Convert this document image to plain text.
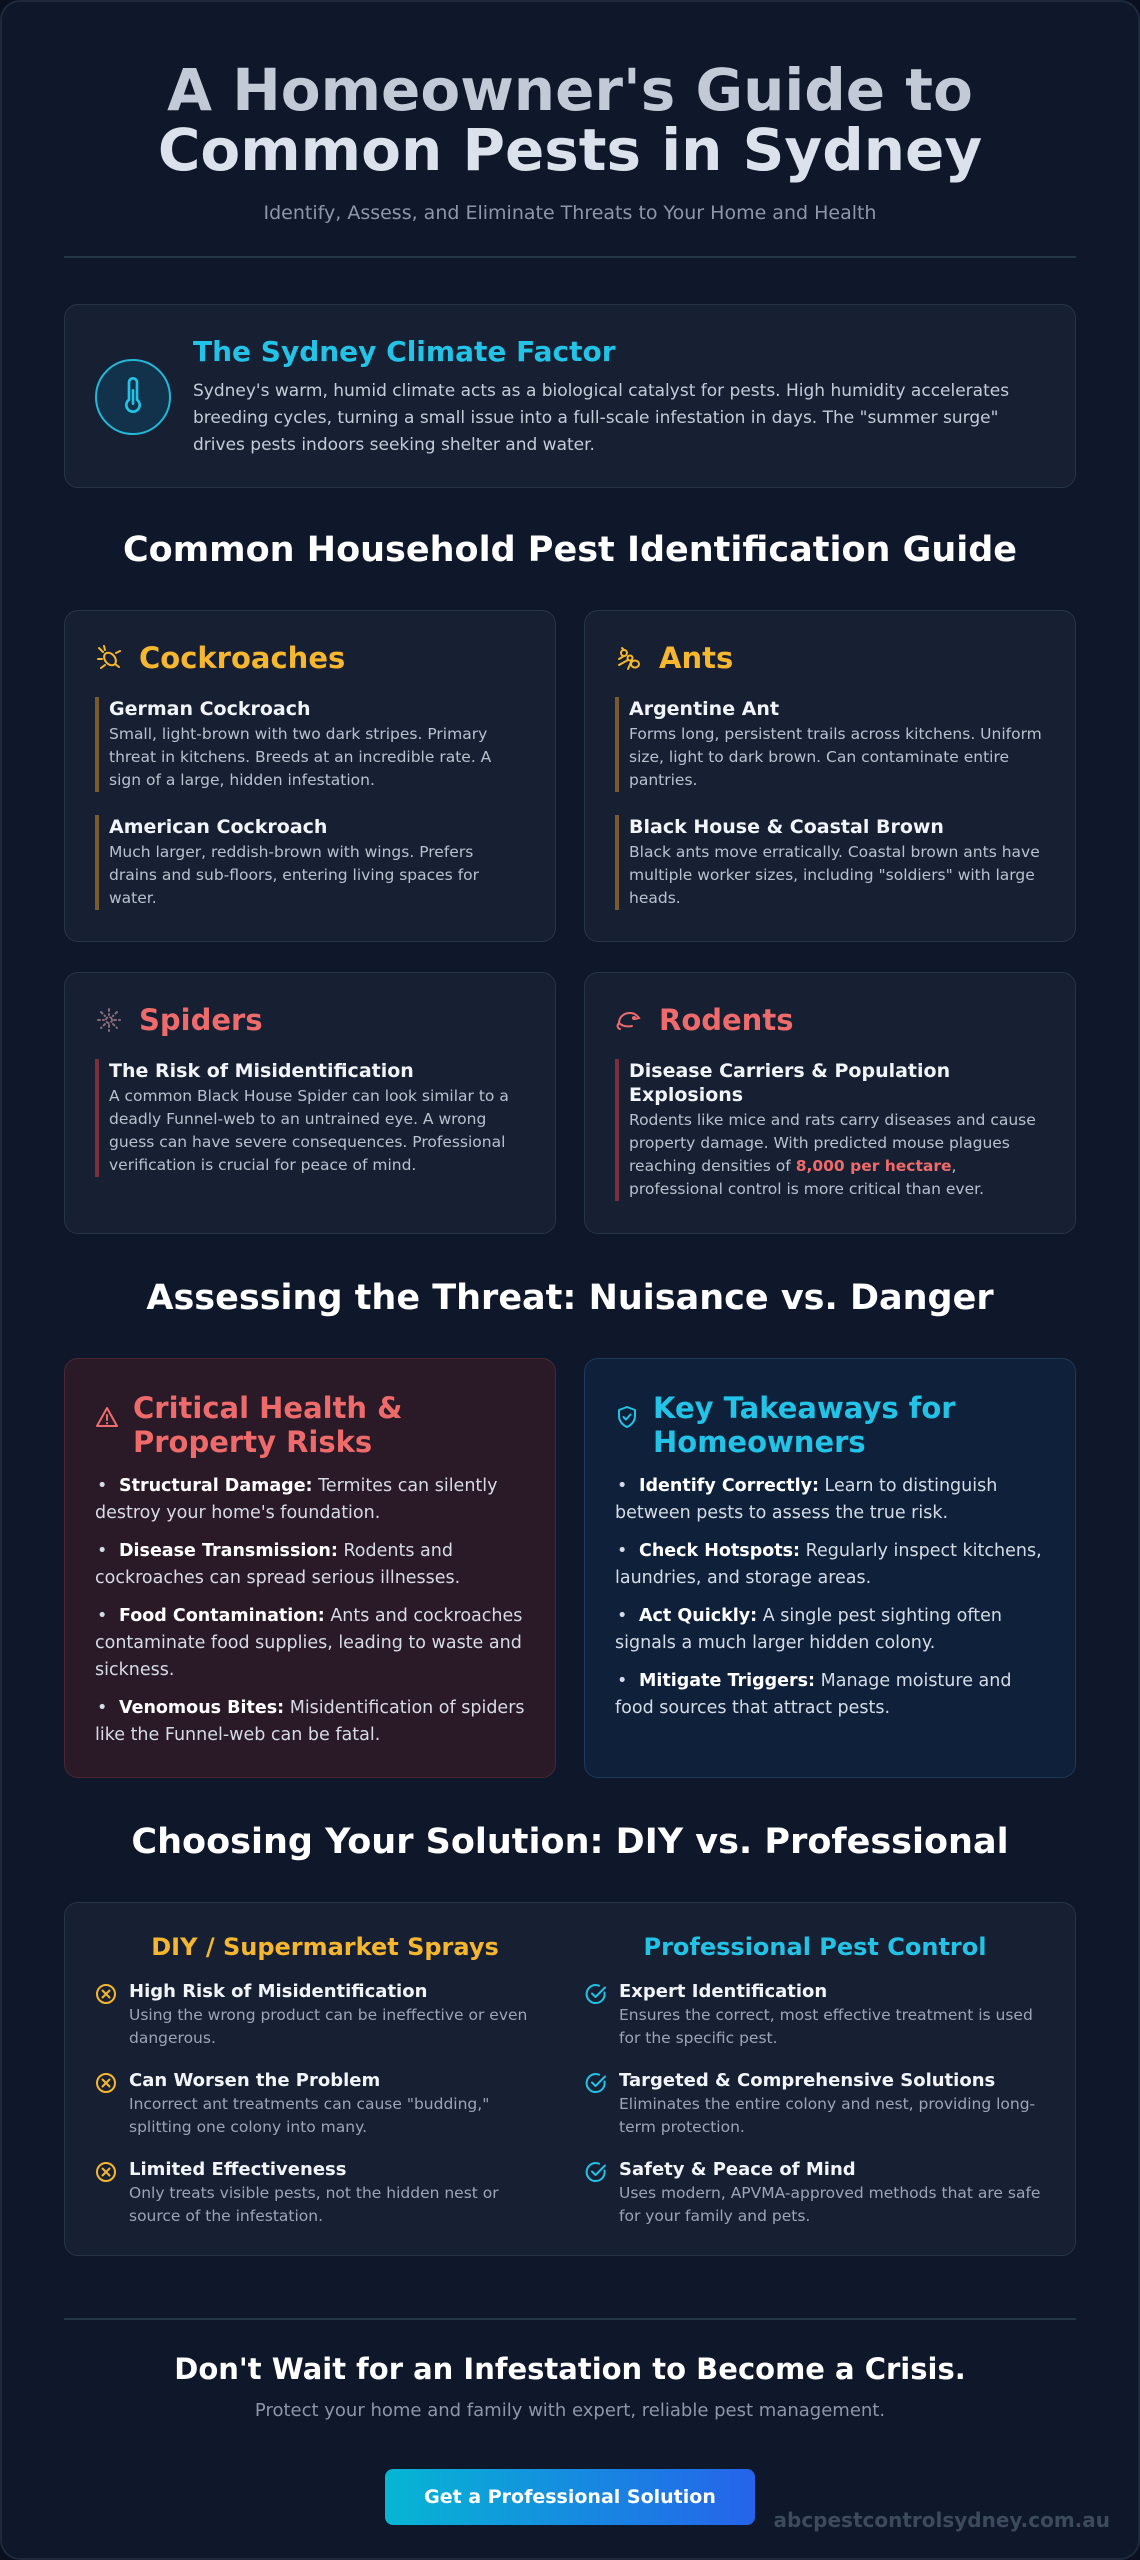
A Homeowner's Guide to
Common Pests in Sydney
Identify, Assess, and Eliminate Threats to Your Home and Health
The Sydney Climate Factor

Sydney's warm, humid climate acts as a biological catalyst for pests. High humidity accelerates breeding cycles, turning a small issue into a full-scale infestation in days. The "summer surge" drives pests indoors seeking shelter and water.

Common Household Pest Identification Guide
Cockroaches
German Cockroach

Small, light-brown with two dark stripes. Primary threat in kitchens. Breeds at an incredible rate. A sign of a large, hidden infestation.

American Cockroach

Much larger, reddish-brown with wings. Prefers drains and sub-floors, entering living spaces for water.

Ants
Argentine Ant

Forms long, persistent trails across kitchens. Uniform size, light to dark brown. Can contaminate entire pantries.

Black House & Coastal Brown

Black ants move erratically. Coastal brown ants have multiple worker sizes, including "soldiers" with large heads.

Spiders
The Risk of Misidentification

A common Black House Spider can look similar to a deadly Funnel-web to an untrained eye. A wrong guess can have severe consequences. Professional verification is crucial for peace of mind.

Rodents
Disease Carriers & Population Explosions

Rodents like mice and rats carry diseases and cause property damage. With predicted mouse plagues reaching densities of 8,000 per hectare, professional control is more critical than ever.

Assessing the Threat: Nuisance vs. Danger
Critical Health & Property Risks
• Structural Damage: Termites can silently destroy your home's foundation.
• Disease Transmission: Rodents and cockroaches can spread serious illnesses.
• Food Contamination: Ants and cockroaches contaminate food supplies, leading to waste and sickness.
• Venomous Bites: Misidentification of spiders like the Funnel-web can be fatal.
Key Takeaways for Homeowners
• Identify Correctly: Learn to distinguish between pests to assess the true risk.
• Check Hotspots: Regularly inspect kitchens, laundries, and storage areas.
• Act Quickly: A single pest sighting often signals a much larger hidden colony.
• Mitigate Triggers: Manage moisture and food sources that attract pests.
Choosing Your Solution: DIY vs. Professional
DIY / Supermarket Sprays
High Risk of Misidentification

Using the wrong product can be ineffective or even dangerous.

Can Worsen the Problem

Incorrect ant treatments can cause "budding," splitting one colony into many.

Limited Effectiveness

Only treats visible pests, not the hidden nest or source of the infestation.

Professional Pest Control
Expert Identification

Ensures the correct, most effective treatment is used for the specific pest.

Targeted & Comprehensive Solutions

Eliminates the entire colony and nest, providing long-term protection.

Safety & Peace of Mind

Uses modern, APVMA-approved methods that are safe for your family and pets.

Don't Wait for an Infestation to Become a Crisis.
Protect your home and family with expert, reliable pest management.
Get a Professional Solution
abcpestcontrolsydney.com.au
